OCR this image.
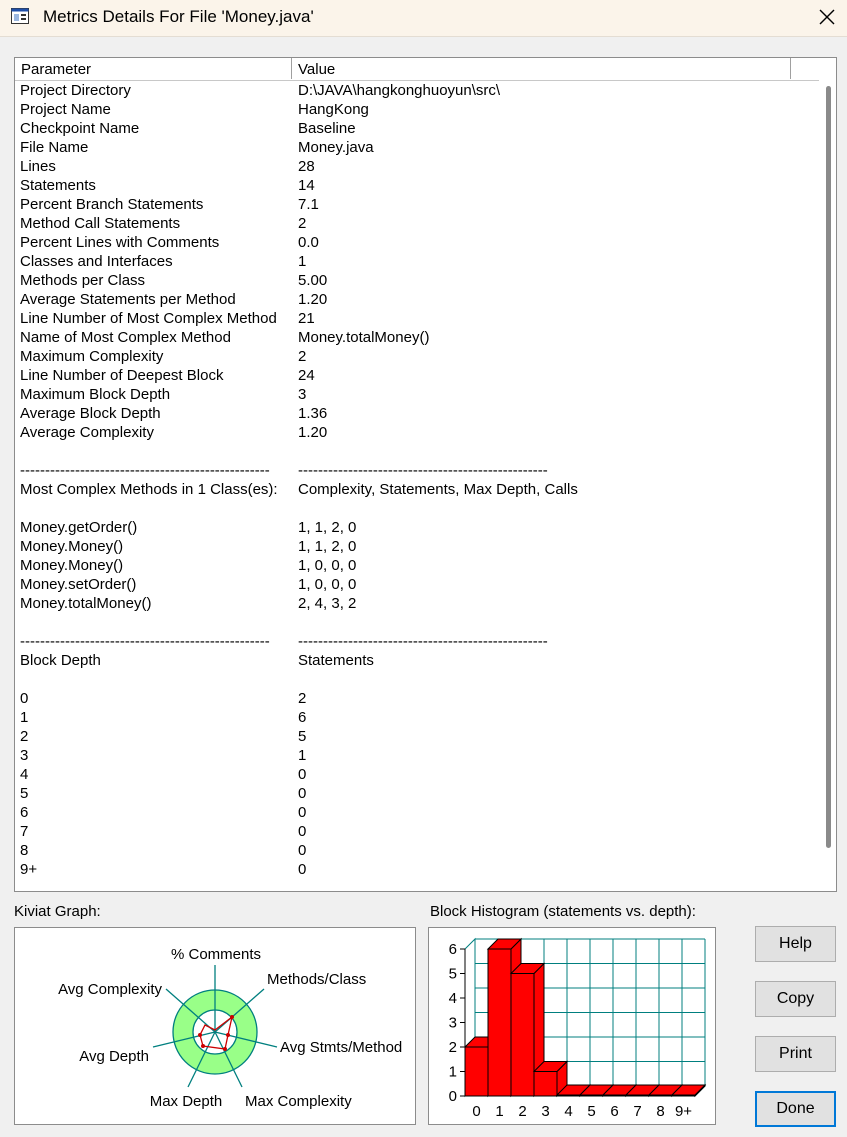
Metrics Details For File 'Money.java'
Parameter	Value
Project Directory	D:\JAVA\hangkonghuoyun\src\
Project Name	HangKong
Checkpoint Name	Baseline
File Name	Money.java
Lines	28
Statements	14
Percent Branch Statements	7.1
Method Call Statements	2
Percent Lines with Comments	0.0
Classes and Interfaces	1
Methods per Class	5.00
Average Statements per Method	1.20
Line Number of Most Complex Method 21
Name of Most Complex Method	Money.totalMoney()
Maximum Complexity	2
Line Number of Deepest Block	24
Maximum Block Depth	3
Average Block Depth	1.36
Average Complexity	1.20
-------------------------------------------------- --------------------------------------------------
Most Complex Methods in 1 Class(es): Complexity, Statements, Max Depth, Calls
Money.getOrder()	1, 1, 2, 0
Money.Money()	1, 1, 2, 0
Money.Money()	1, 0, 0, 0
Money.setOrder()	1, 0, 0, 0
Money.totalMoney()	2, 4, 3, 2
-------------------------------------------------- --------------------------------------------------
Block Depth	Statements
0	2
1	6
2	5
3	1
4	0
5	0
6	0
7	0
8	0
9+	0
Kiviat Graph:
% Comments
Methods/Class
Avg Stmts/Method
Max Complexity
Max Depth
Avg Depth
Avg Complexity
Block Histogram (statements vs. depth):
0
1
2
3
4
5
6
0 1 2 3 4 5 6 7 8 9+
Help
Copy
Print
Done
